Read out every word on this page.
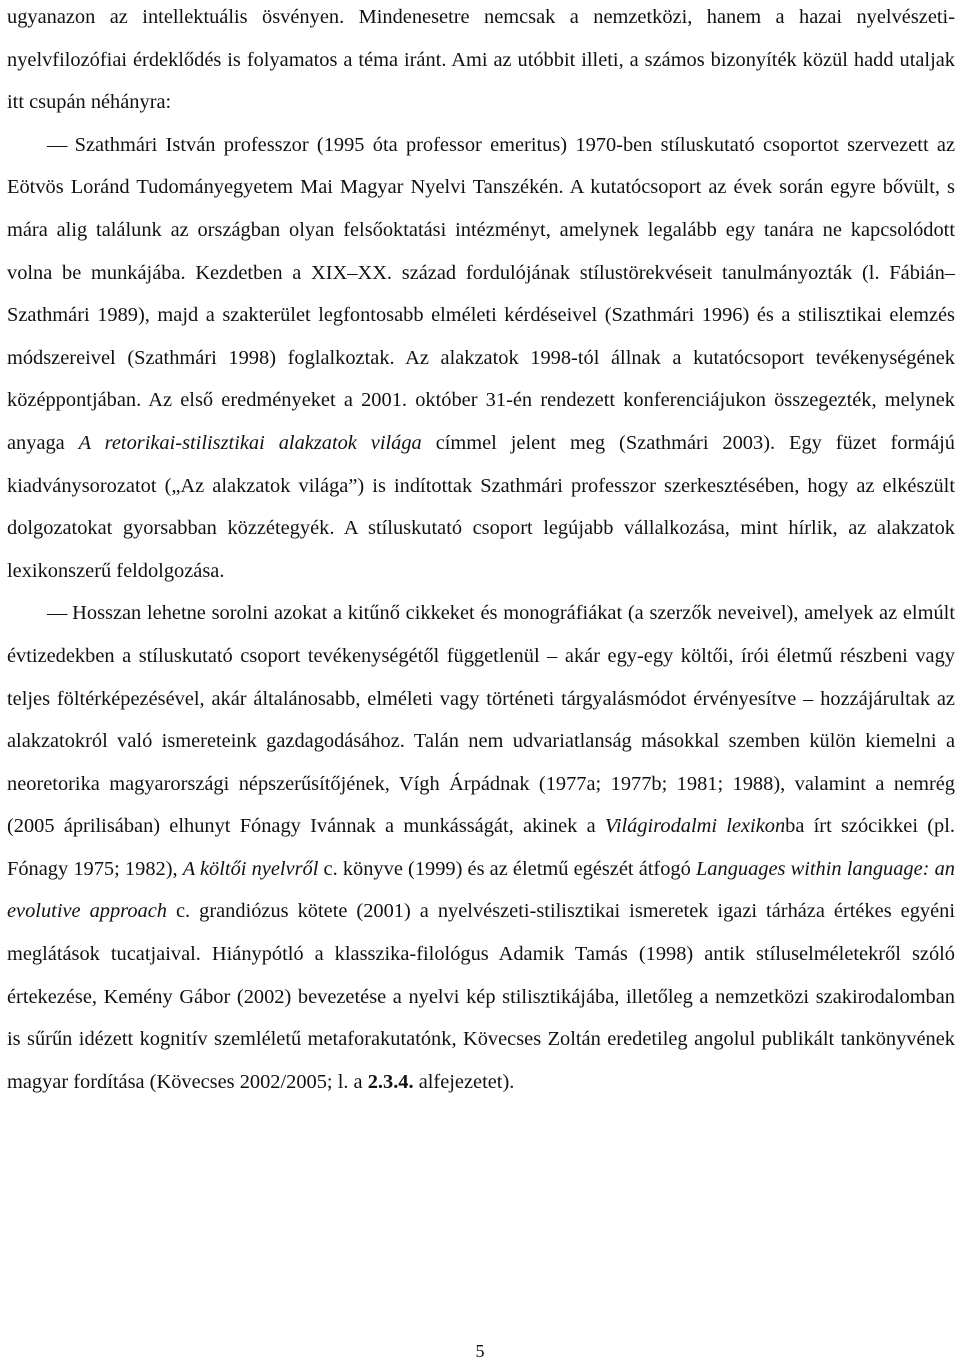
ugyanazon az intellektuális ösvényen. Mindenesetre nemcsak a nemzetközi, hanem a hazai nyelvészeti-nyelvfilozófiai érdeklődés is folyamatos a téma iránt. Ami az utóbbit illeti, a számos bizonyíték közül hadd utaljak itt csupán néhányra:

— Szathmári István professzor (1995 óta professor emeritus) 1970-ben stíluskutató csoportot szervezett az Eötvös Loránd Tudományegyetem Mai Magyar Nyelvi Tanszékén. A kutatócsoport az évek során egyre bővült, s mára alig találunk az országban olyan felsőoktatási intézményt, amelynek legalább egy tanára ne kapcsolódott volna be munkájába. Kezdetben a XIX–XX. század fordulójának stílustörekvéseit tanulmányozták (l. Fábián–Szathmári 1989), majd a szakterület legfontosabb elméleti kérdéseivel (Szathmári 1996) és a stilisztikai elemzés módszereivel (Szathmári 1998) foglalkoztak. Az alakzatok 1998-tól állnak a kutatócsoport tevékenységének középpontjában. Az első eredményeket a 2001. október 31-én rendezett konferenciájukon összegezték, melynek anyaga A retorikai-stilisztikai alakzatok világa címmel jelent meg (Szathmári 2003). Egy füzet formájú kiadványsorozatot („Az alakzatok világa”) is indítottak Szathmári professzor szerkesztésében, hogy az elkészült dolgozatokat gyorsabban közzétegyék. A stíluskutató csoport legújabb vállalkozása, mint hírlik, az alakzatok lexikonszerű feldolgozása.

— Hosszan lehetne sorolni azokat a kitűnő cikkeket és monográfiákat (a szerzők neveivel), amelyek az elmúlt évtizedekben a stíluskutató csoport tevékenységétől függetlenül – akár egy-egy költői, írói életmű részbeni vagy teljes föltérképezésével, akár általánosabb, elméleti vagy történeti tárgyalásmódot érvényesítve – hozzájárultak az alakzatokról való ismereteink gazdagodásához. Talán nem udvariatlanság másokkal szemben külön kiemelni a neoretorika magyarországi népszerűsítőjének, Vígh Árpádnak (1977a; 1977b; 1981; 1988), valamint a nemrég (2005 áprilisában) elhunyt Fónagy Ivánnak a munkásságát, akinek a Világirodalmi lexikonba írt szócikkei (pl. Fónagy 1975; 1982), A költői nyelvről c. könyve (1999) és az életmű egészét átfogó Languages within language: an evolutive approach c. grandiózus kötete (2001) a nyelvészeti-stilisztikai ismeretek igazi tárháza értékes egyéni meglátások tucatjaival. Hiánypótló a klasszika-filológus Adamik Tamás (1998) antik stíluselméletekről szóló értekezése, Kemény Gábor (2002) bevezetése a nyelvi kép stilisztikájába, illetőleg a nemzetközi szakirodalomban is sűrűn idézett kognitív szemléletű metaforakutatónk, Kövecses Zoltán eredetileg angolul publikált tankönyvének magyar fordítása (Kövecses 2002/2005; l. a 2.3.4. alfejezetet).

5
